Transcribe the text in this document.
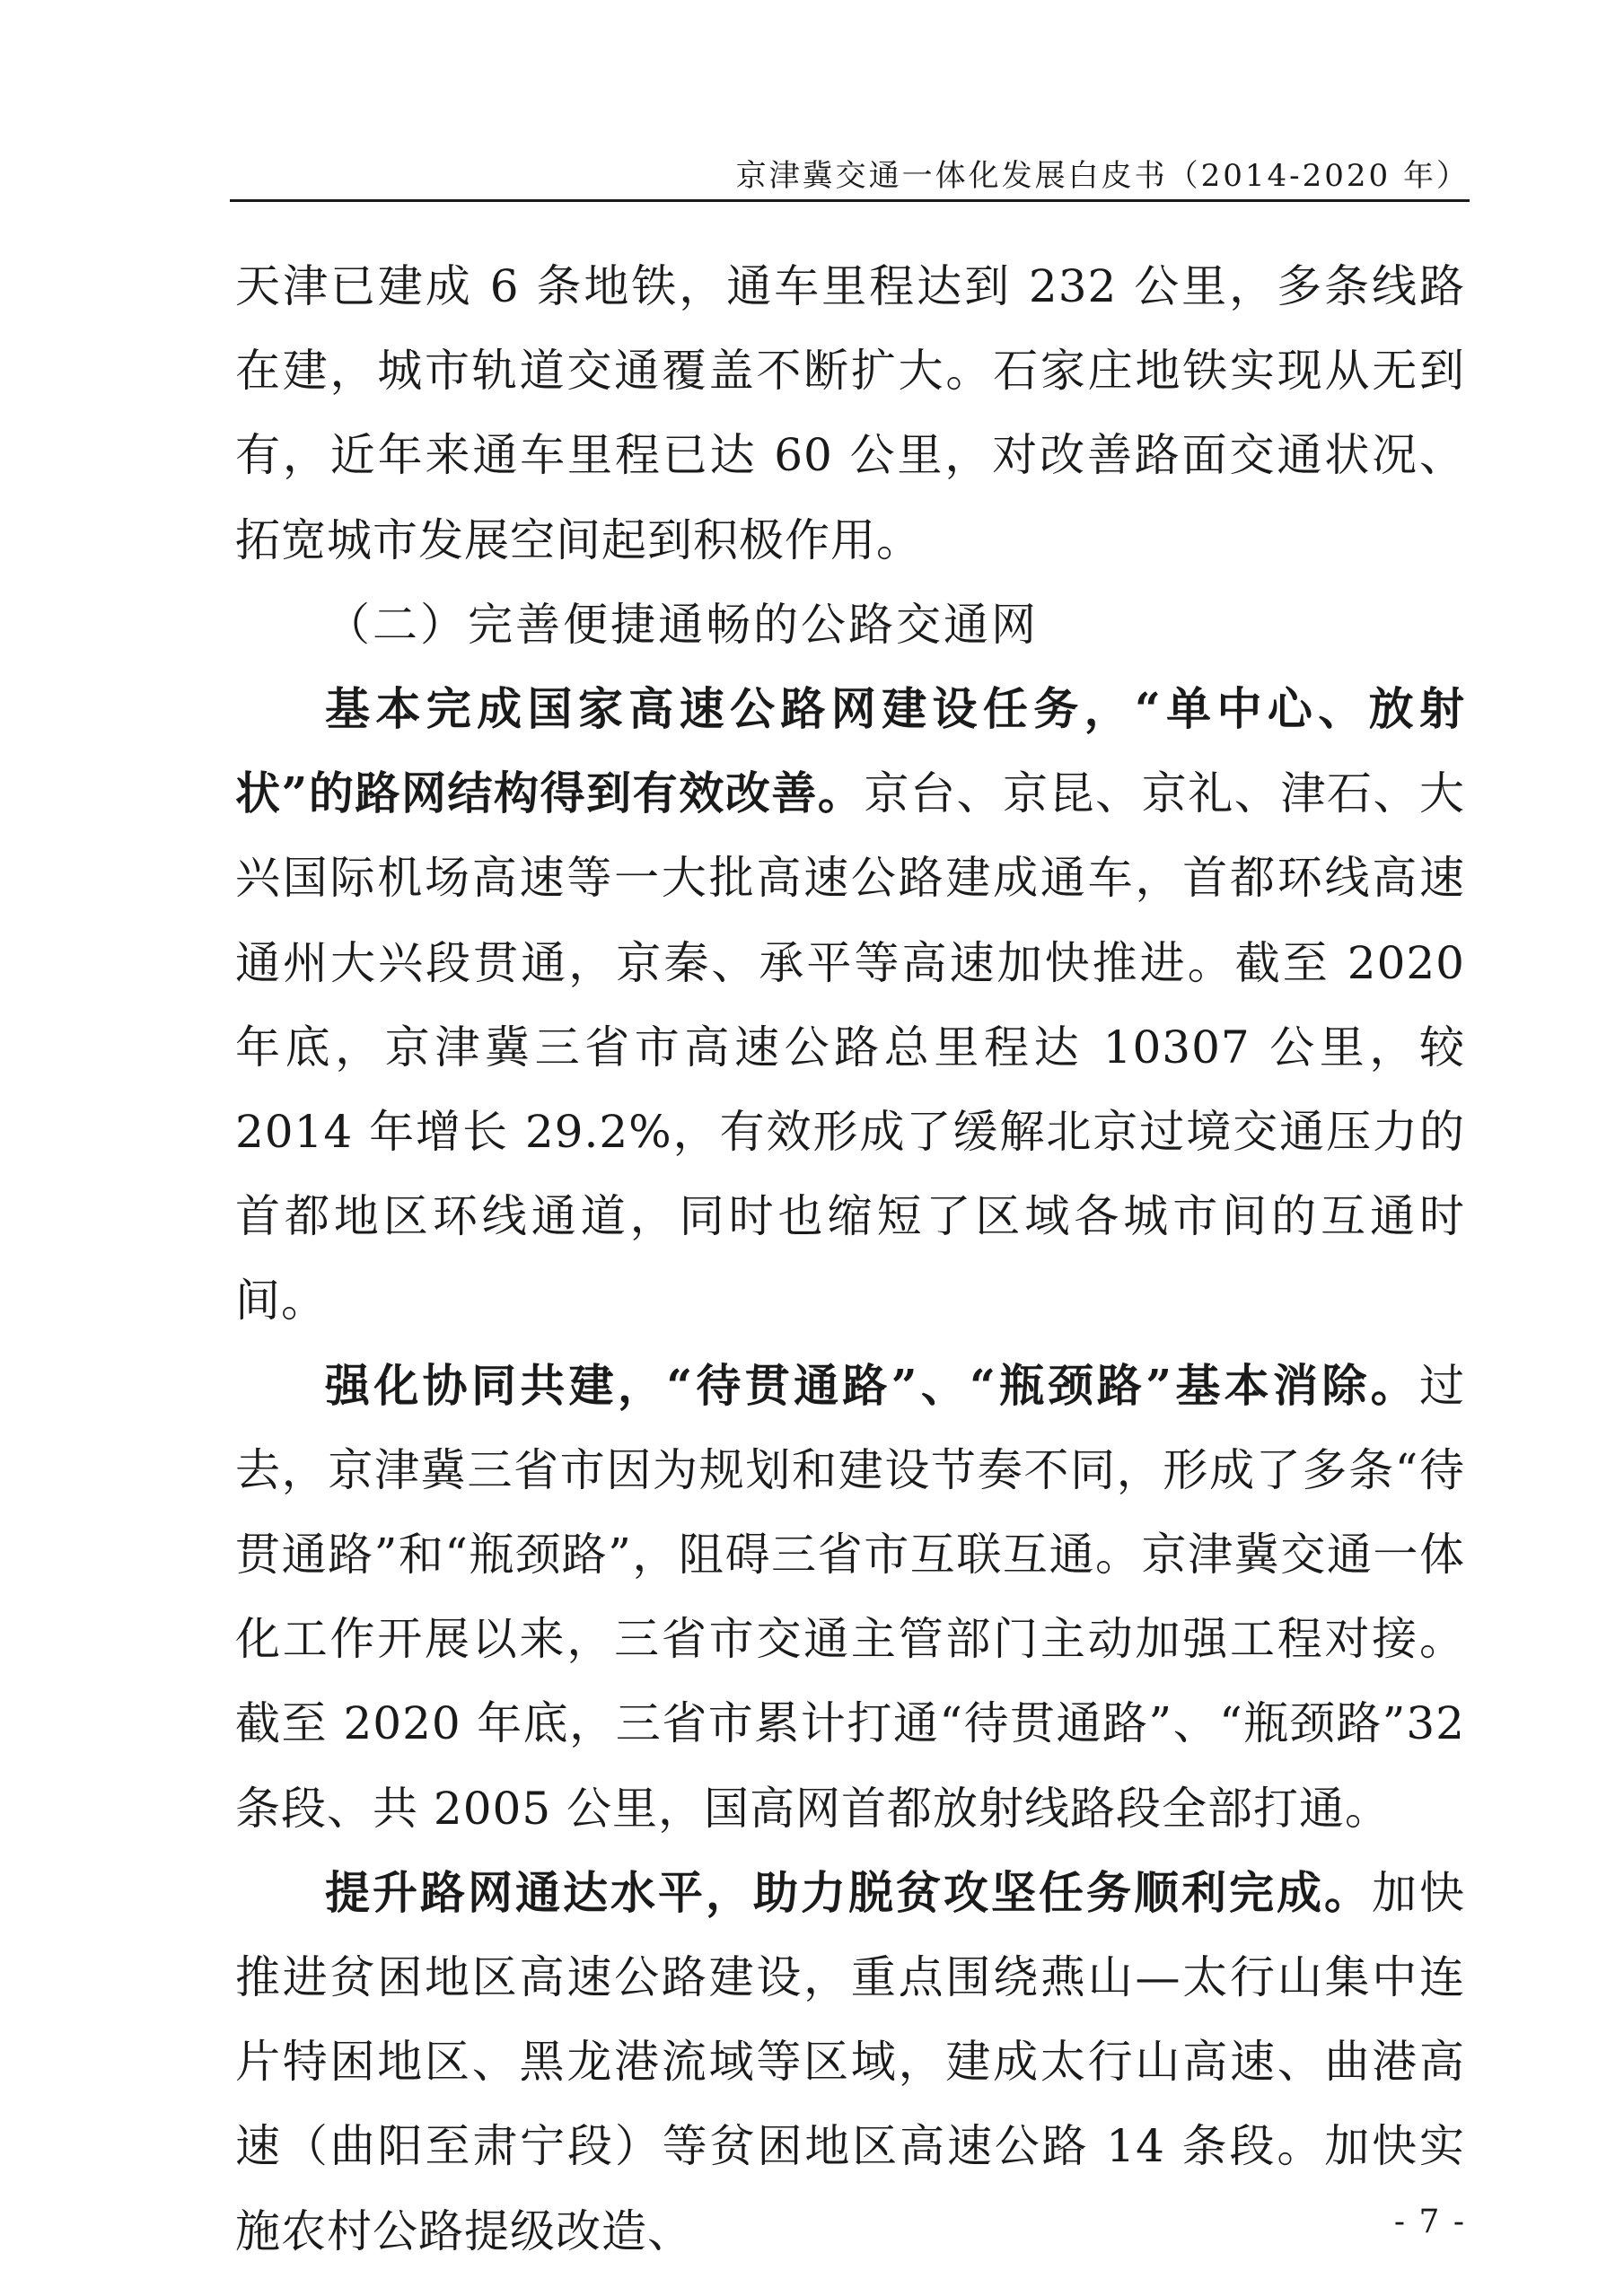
京津冀交通一体化发展白皮书（2014-2020 年）

天津已建成 6 条地铁，通车里程达到 232 公里，多条线路在建，城市轨道交通覆盖不断扩大。石家庄地铁实现从无到有，近年来通车里程已达 60 公里，对改善路面交通状况、拓宽城市发展空间起到积极作用。

（二）完善便捷通畅的公路交通网

基本完成国家高速公路网建设任务，“单中心、放射状”的路网结构得到有效改善。京台、京昆、京礼、津石、大兴国际机场高速等一大批高速公路建成通车，首都环线高速通州大兴段贯通，京秦、承平等高速加快推进。截至 2020 年底，京津冀三省市高速公路总里程达 10307 公里，较 2014 年增长 29.2%，有效形成了缓解北京过境交通压力的首都地区环线通道，同时也缩短了区域各城市间的互通时间。

强化协同共建，“待贯通路”、“瓶颈路”基本消除。过去，京津冀三省市因为规划和建设节奏不同，形成了多条“待贯通路”和“瓶颈路”，阻碍三省市互联互通。京津冀交通一体化工作开展以来，三省市交通主管部门主动加强工程对接。截至 2020 年底，三省市累计打通“待贯通路”、“瓶颈路”32 条段、共 2005 公里，国高网首都放射线路段全部打通。

提升路网通达水平，助力脱贫攻坚任务顺利完成。加快推进贫困地区高速公路建设，重点围绕燕山—太行山集中连片特困地区、黑龙港流域等区域，建成太行山高速、曲港高速（曲阳至肃宁段）等贫困地区高速公路 14 条段。加快实施农村公路提级改造、	- 7 -
